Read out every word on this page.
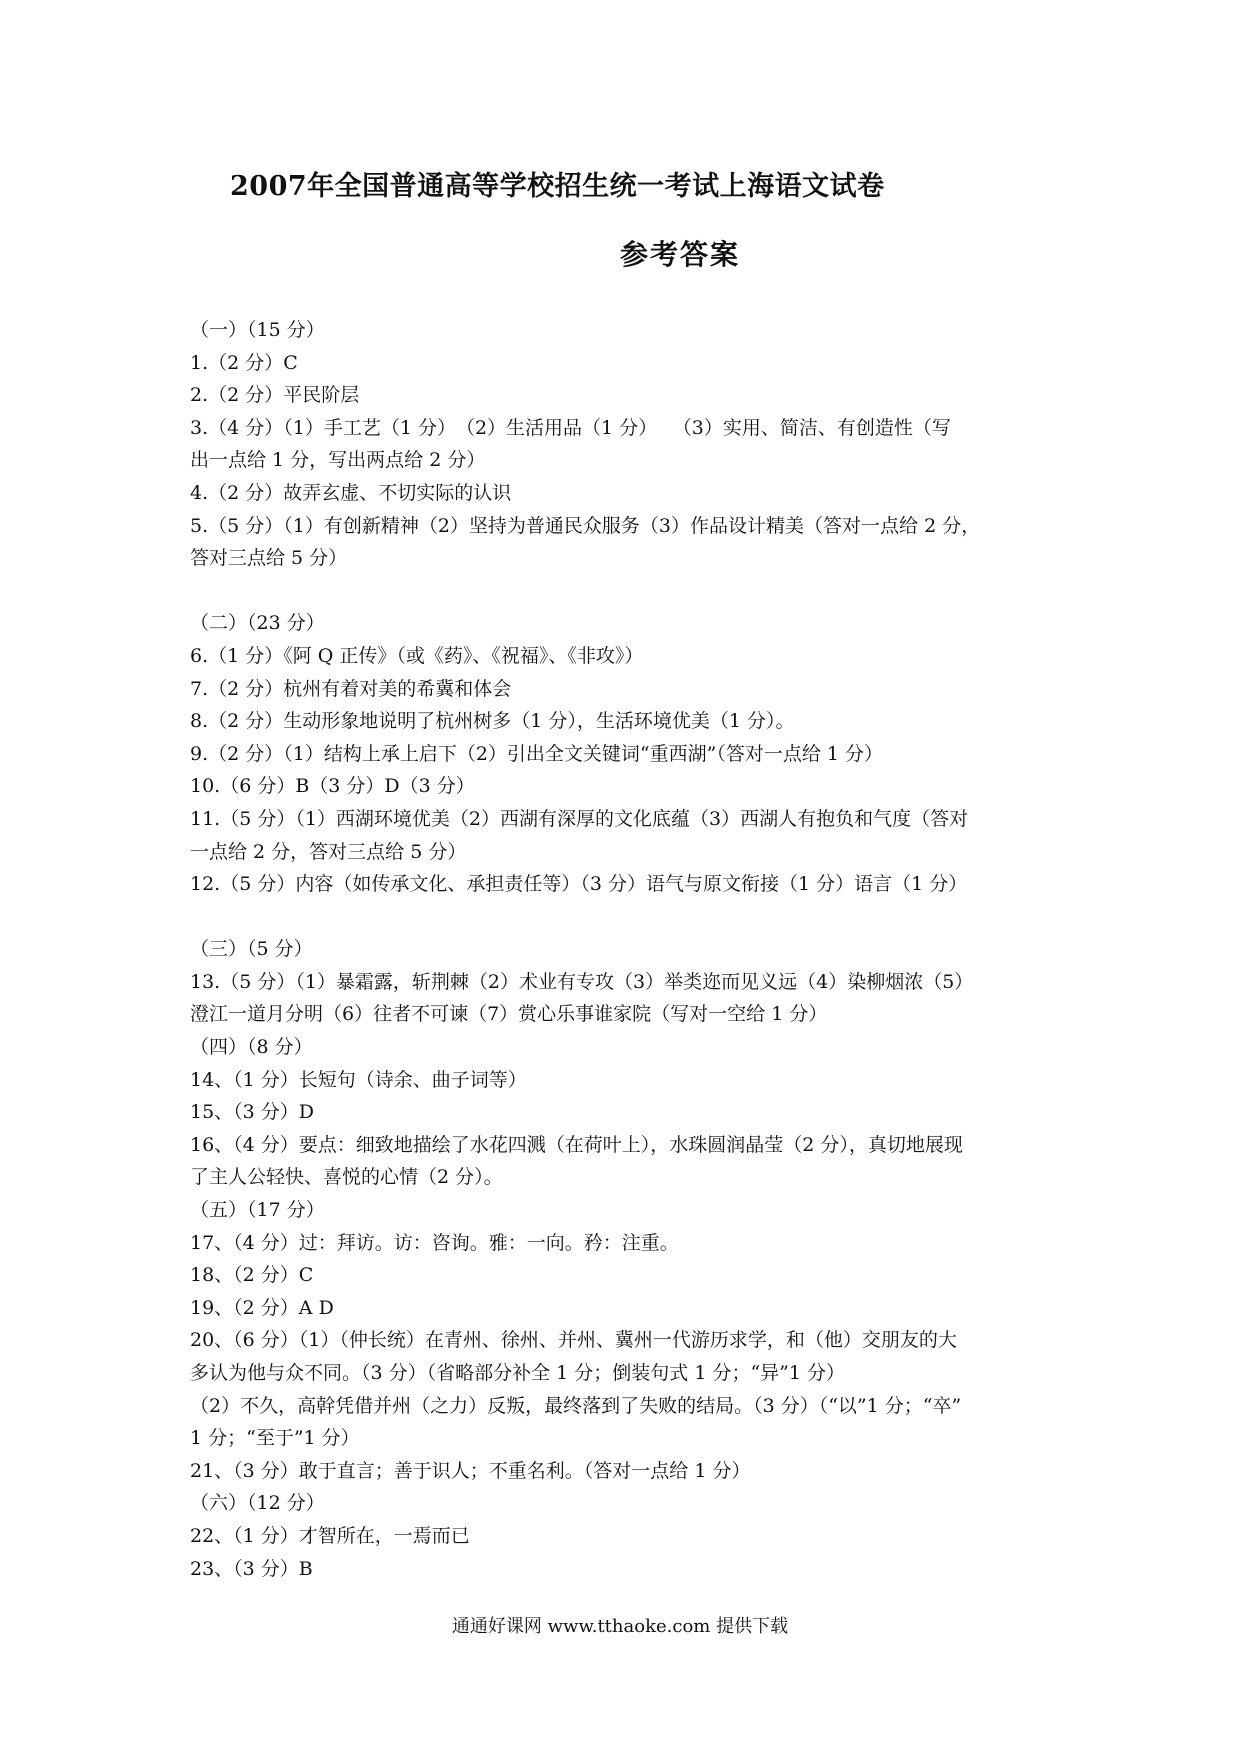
2007年全国普通高等学校招生统一考试上海语文试卷
参考答案
（一）（15 分）
1.（2 分）C
2.（2 分）平民阶层
3.（4 分）（1）手工艺（1 分）　（2）生活用品（1 分）　 （3）实用、简洁、有创造性（写
出一点给 1 分，写出两点给 2 分）
4.（2 分）故弄玄虚、不切实际的认识
5.（5 分）（1）有创新精神（2）坚持为普通民众服务（3）作品设计精美（答对一点给 2 分，
答对三点给 5 分）
（二）（23 分）
6.（1 分）《阿 Q 正传》（或《药》、《祝福》、《非攻》）
7.（2 分）杭州有着对美的希冀和体会
8.（2 分）生动形象地说明了杭州树多（1 分），生活环境优美（1 分）。
9.（2 分）（1）结构上承上启下（2）引出全文关键词“重西湖”（答对一点给 1 分）
10.（6 分）B（3 分）D（3 分）
11.（5 分）（1）西湖环境优美（2）西湖有深厚的文化底蕴（3）西湖人有抱负和气度（答对
一点给 2 分，答对三点给 5 分）
12.（5 分）内容（如传承文化、承担责任等）（3 分）语气与原文衔接（1 分）语言（1 分）
（三）（5 分）
13.（5 分）（1）暴霜露，斩荆棘（2）术业有专攻（3）举类迩而见义远（4）染柳烟浓（5）
澄江一道月分明（6）往者不可谏（7）赏心乐事谁家院（写对一空给 1 分）
（四）（8 分）
14、（1 分）长短句（诗余、曲子词等）
15、（3 分）D
16、（4 分）要点：细致地描绘了水花四溅（在荷叶上），水珠圆润晶莹（2 分），真切地展现
了主人公轻快、喜悦的心情（2 分）。
（五）（17 分）
17、（4 分）过：拜访。访：咨询。雅：一向。矜：注重。
18、（2 分）C
19、（2 分）A D
20、（6 分）（1）（仲长统）在青州、徐州、并州、冀州一代游历求学，和（他）交朋友的大
多认为他与众不同。（3 分）（省略部分补全 1 分；倒装句式 1 分；“异”1 分）
（2）不久，高幹凭借并州（之力）反叛，最终落到了失败的结局。（3 分）（“以”1 分；“卒”
1 分；“至于”1 分）
21、（3 分）敢于直言；善于识人；不重名利。（答对一点给 1 分）
（六）（12 分）
22、（1 分）才智所在，一焉而已
23、（3 分）B
通通好课网 www.tthaoke.com 提供下载
